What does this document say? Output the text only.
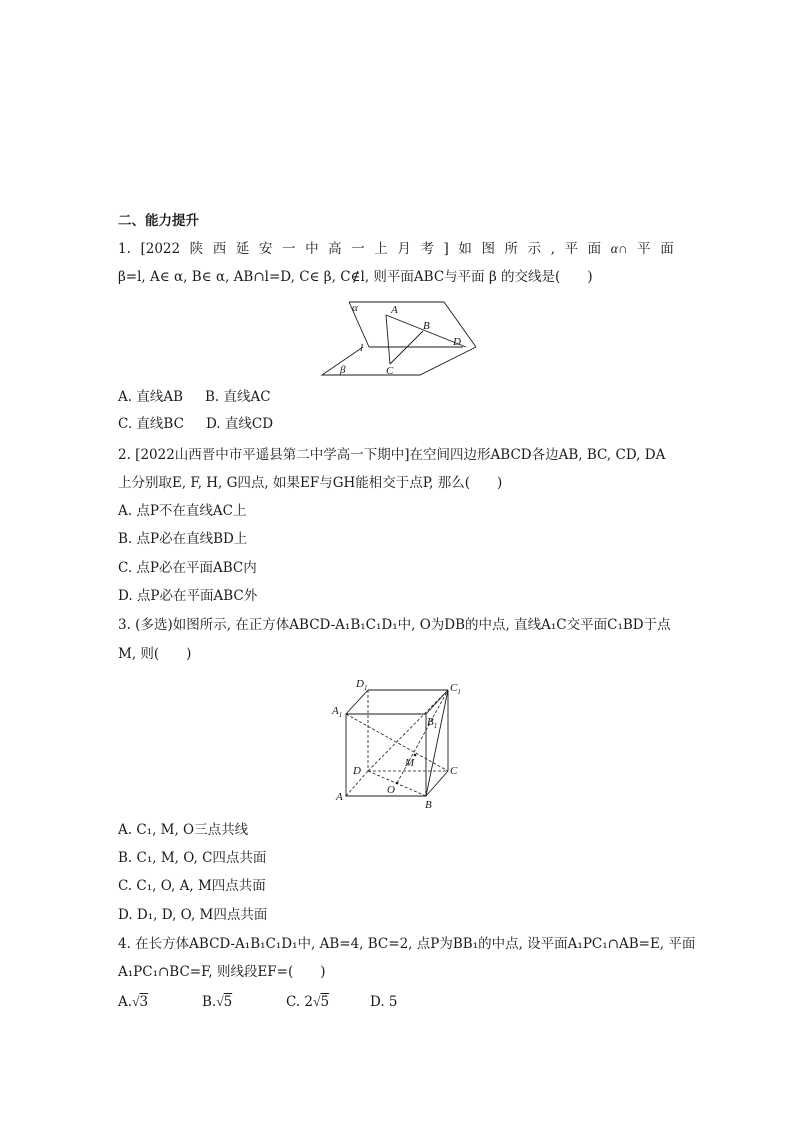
二、能力提升
1. [2022 陕 西 延 安 一 中 高 一 上 月 考 ] 如 图 所 示 , 平 面 α∩ 平 面
β=l, A∈ α, B∈ α, AB∩l=D, C∈ β, C∉l, 则平面ABC与平面 β 的交线是(　　)
α	A
B
D
l
β	C
A. 直线AB B. 直线AC
C. 直线BC D. 直线CD
2. [2022山西晋中市平遥县第二中学高一下期中]在空间四边形ABCD各边AB, BC, CD, DA
上分别取E, F, H, G四点, 如果EF与GH能相交于点P, 那么(　　)
A. 点P不在直线AC上
B. 点P必在直线BD上
C. 点P必在平面ABC内
D. 点P必在平面ABC外
3. (多选)如图所示, 在正方体ABCD-A₁B₁C₁D₁中, O为DB的中点, 直线A₁C交平面C₁BD于点
M, 则(　　)
$D_1$	$C_1$
$A_1$
$B_1$
D	C
A
B
M
O
A. C₁, M, O三点共线
B. C₁, M, O, C四点共面
C. C₁, O, A, M四点共面
D. D₁, D, O, M四点共面
4. 在长方体ABCD-A₁B₁C₁D₁中, AB=4, BC=2, 点P为BB₁的中点, 设平面A₁PC₁∩AB=E, 平面
A₁PC₁∩BC=F, 则线段EF=(　　)
A.√3	B.√5	C. 2√5	D. 5
